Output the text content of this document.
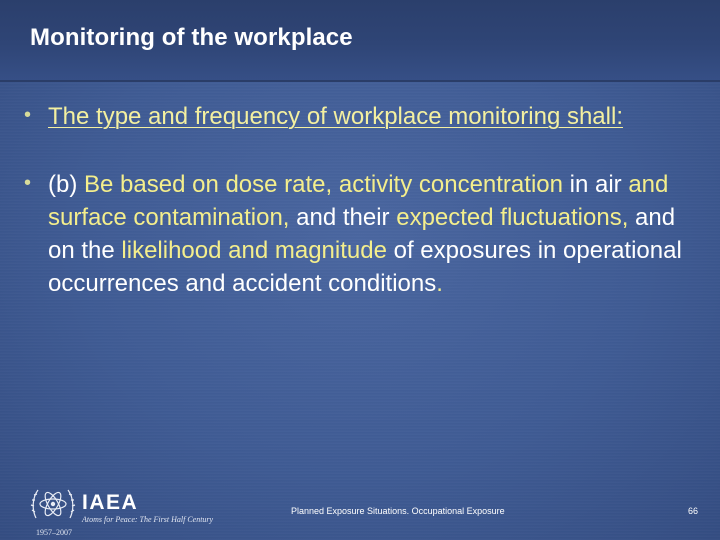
Monitoring of the workplace
• The type and frequency of workplace monitoring shall:
• (b) Be based on dose rate, activity concentration in air and surface contamination, and their expected fluctuations, and on the likelihood and magnitude of exposures in operational occurrences and accident conditions.
IAEA
Atoms for Peace: The First Half Century
1957–2007
Planned Exposure Situations. Occupational Exposure	66
